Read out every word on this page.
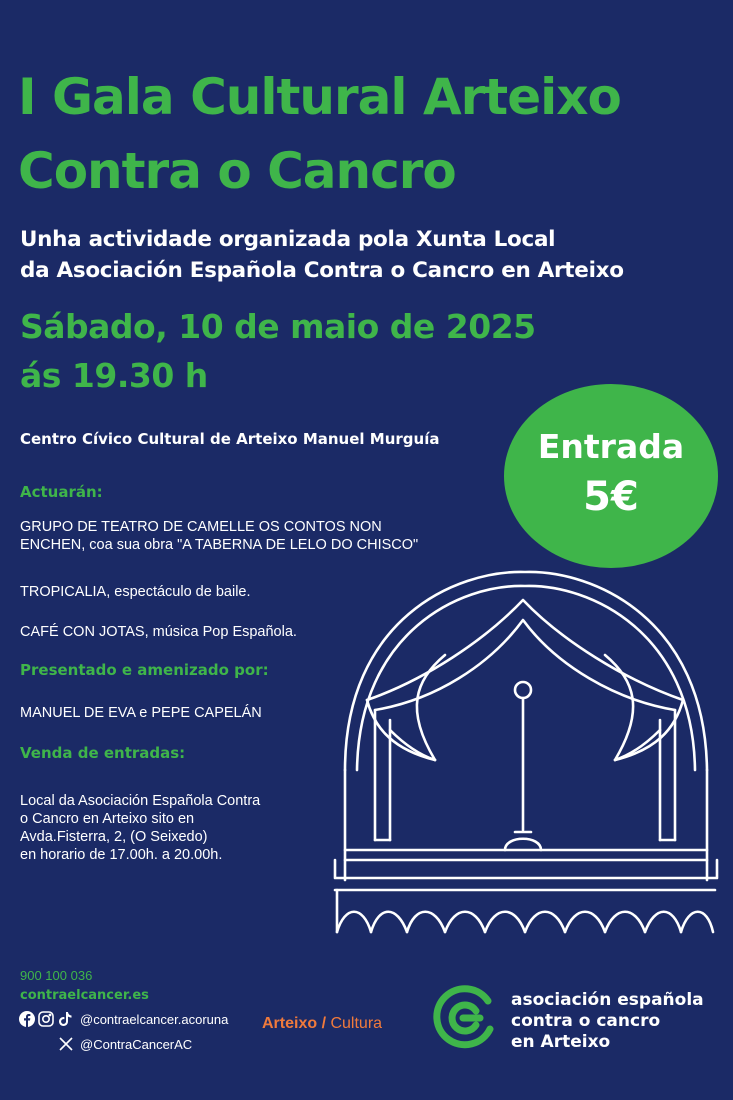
I Gala Cultural Arteixo
Contra o Cancro
Unha actividade organizada pola Xunta Local
da Asociación Española Contra o Cancro en Arteixo
Sábado, 10 de maio de 2025
ás 19.30 h
Centro Cívico Cultural de Arteixo Manuel Murguía	Entrada
5€
Actuarán:
GRUPO DE TEATRO DE CAMELLE OS CONTOS NON
ENCHEN, coa sua obra "A TABERNA DE LELO DO CHISCO"
TROPICALIA, espectáculo de baile.
CAFÉ CON JOTAS, música Pop Española.
Presentado e amenizado por:
MANUEL DE EVA e PEPE CAPELÁN
Venda de entradas:
Local da Asociación Española Contra
o Cancro en Arteixo sito en
Avda.Fisterra, 2, (O Seixedo)
en horario de 17.00h. a 20.00h.
900 100 036
contraelcancer.es
@contraelcancer.acoruna
@ContraCancerAC
Arteixo / Cultura
asociación española
contra o cancro
en Arteixo
